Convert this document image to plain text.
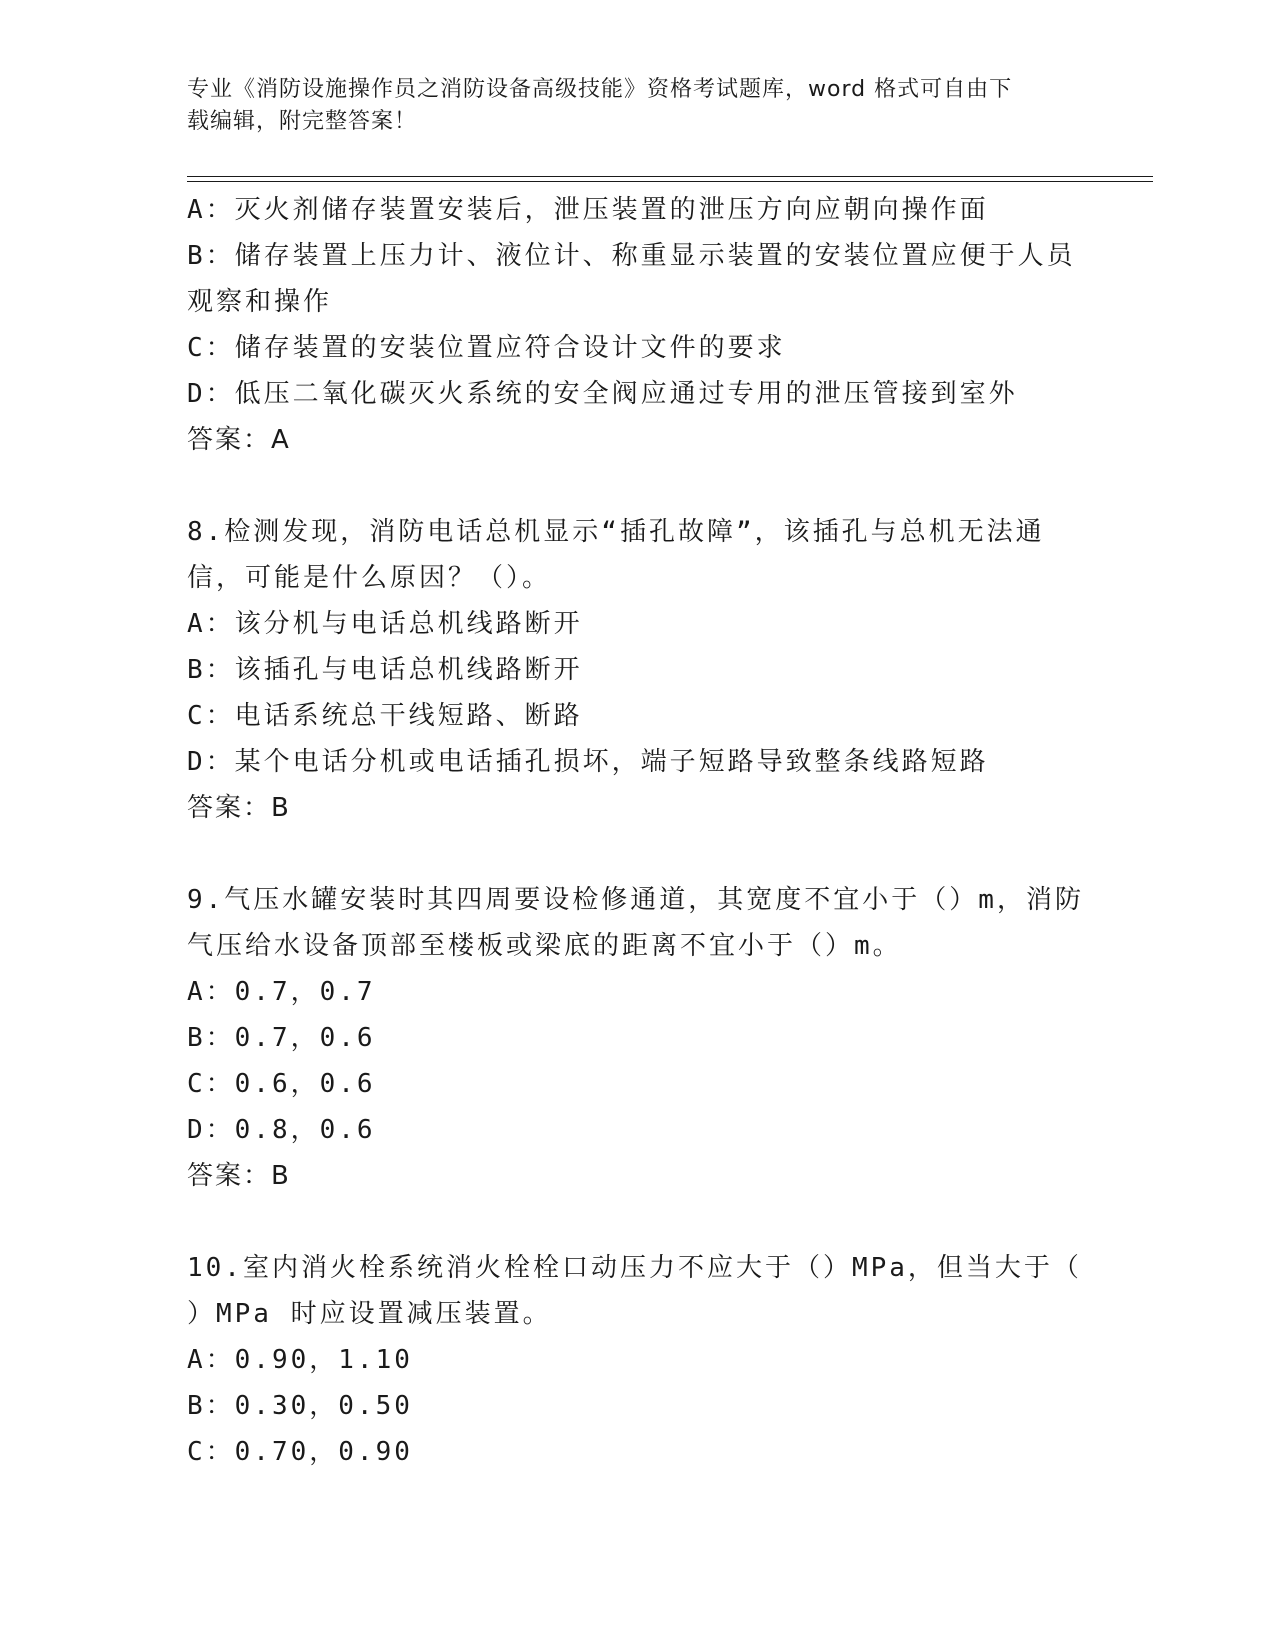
专业《消防设施操作员之消防设备高级技能》资格考试题库，word 格式可自由下
载编辑，附完整答案！
A：灭火剂储存装置安装后，泄压装置的泄压方向应朝向操作面
B：储存装置上压力计、液位计、称重显示装置的安装位置应便于人员
观察和操作
C：储存装置的安装位置应符合设计文件的要求
D：低压二氧化碳灭火系统的安全阀应通过专用的泄压管接到室外
答案：A
8.检测发现，消防电话总机显示“插孔故障”，该插孔与总机无法通
信，可能是什么原因？（）。
A：该分机与电话总机线路断开
B：该插孔与电话总机线路断开
C：电话系统总干线短路、断路
D：某个电话分机或电话插孔损坏，端子短路导致整条线路短路
答案：B
9.气压水罐安装时其四周要设检修通道，其宽度不宜小于（）m，消防
气压给水设备顶部至楼板或梁底的距离不宜小于（）m。
A：0.7，0.7
B：0.7，0.6
C：0.6，0.6
D：0.8，0.6
答案：B
10.室内消火栓系统消火栓栓口动压力不应大于（）MPa，但当大于（
）MPa 时应设置减压装置。
A：0.90，1.10
B：0.30，0.50
C：0.70，0.90
